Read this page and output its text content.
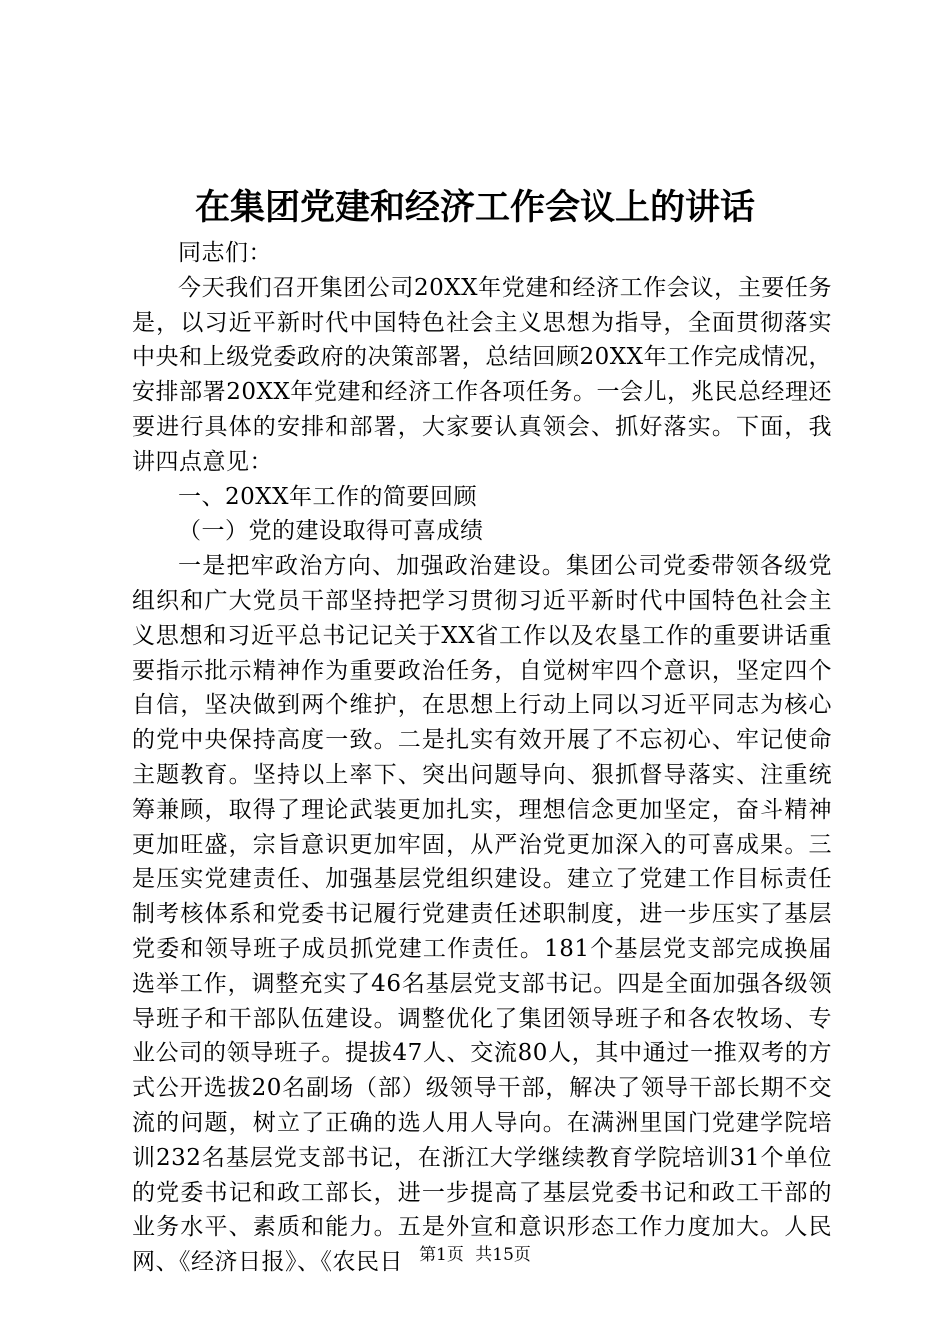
在集团党建和经济工作会议上的讲话

同志们：

今天我们召开集团公司20XX年党建和经济工作会议，主要任务是，以习近平新时代中国特色社会主义思想为指导，全面贯彻落实中央和上级党委政府的决策部署，总结回顾20XX年工作完成情况，安排部署20XX年党建和经济工作各项任务。一会儿，兆民总经理还要进行具体的安排和部署，大家要认真领会、抓好落实。下面，我讲四点意见：

一、20XX年工作的简要回顾

（一）党的建设取得可喜成绩

一是把牢政治方向、加强政治建设。集团公司党委带领各级党组织和广大党员干部坚持把学习贯彻习近平新时代中国特色社会主义思想和习近平总书记记关于XX省工作以及农垦工作的重要讲话重要指示批示精神作为重要政治任务，自觉树牢四个意识，坚定四个自信，坚决做到两个维护，在思想上行动上同以习近平同志为核心的党中央保持高度一致。二是扎实有效开展了不忘初心、牢记使命主题教育。坚持以上率下、突出问题导向、狠抓督导落实、注重统筹兼顾，取得了理论武装更加扎实，理想信念更加坚定，奋斗精神更加旺盛，宗旨意识更加牢固，从严治党更加深入的可喜成果。三是压实党建责任、加强基层党组织建设。建立了党建工作目标责任制考核体系和党委书记履行党建责任述职制度，进一步压实了基层党委和领导班子成员抓党建工作责任。181个基层党支部完成换届选举工作，调整充实了46名基层党支部书记。四是全面加强各级领导班子和干部队伍建设。调整优化了集团领导班子和各农牧场、专业公司的领导班子。提拔47人、交流80人，其中通过一推双考的方式公开选拔20名副场（部）级领导干部，解决了领导干部长期不交流的问题，树立了正确的选人用人导向。在满洲里国门党建学院培训232名基层党支部书记，在浙江大学继续教育学院培训31个单位的党委书记和政工部长，进一步提高了基层党委书记和政工干部的业务水平、素质和能力。五是外宣和意识形态工作力度加大。人民网、《经济日报》、《农民日 第1页 共15页
